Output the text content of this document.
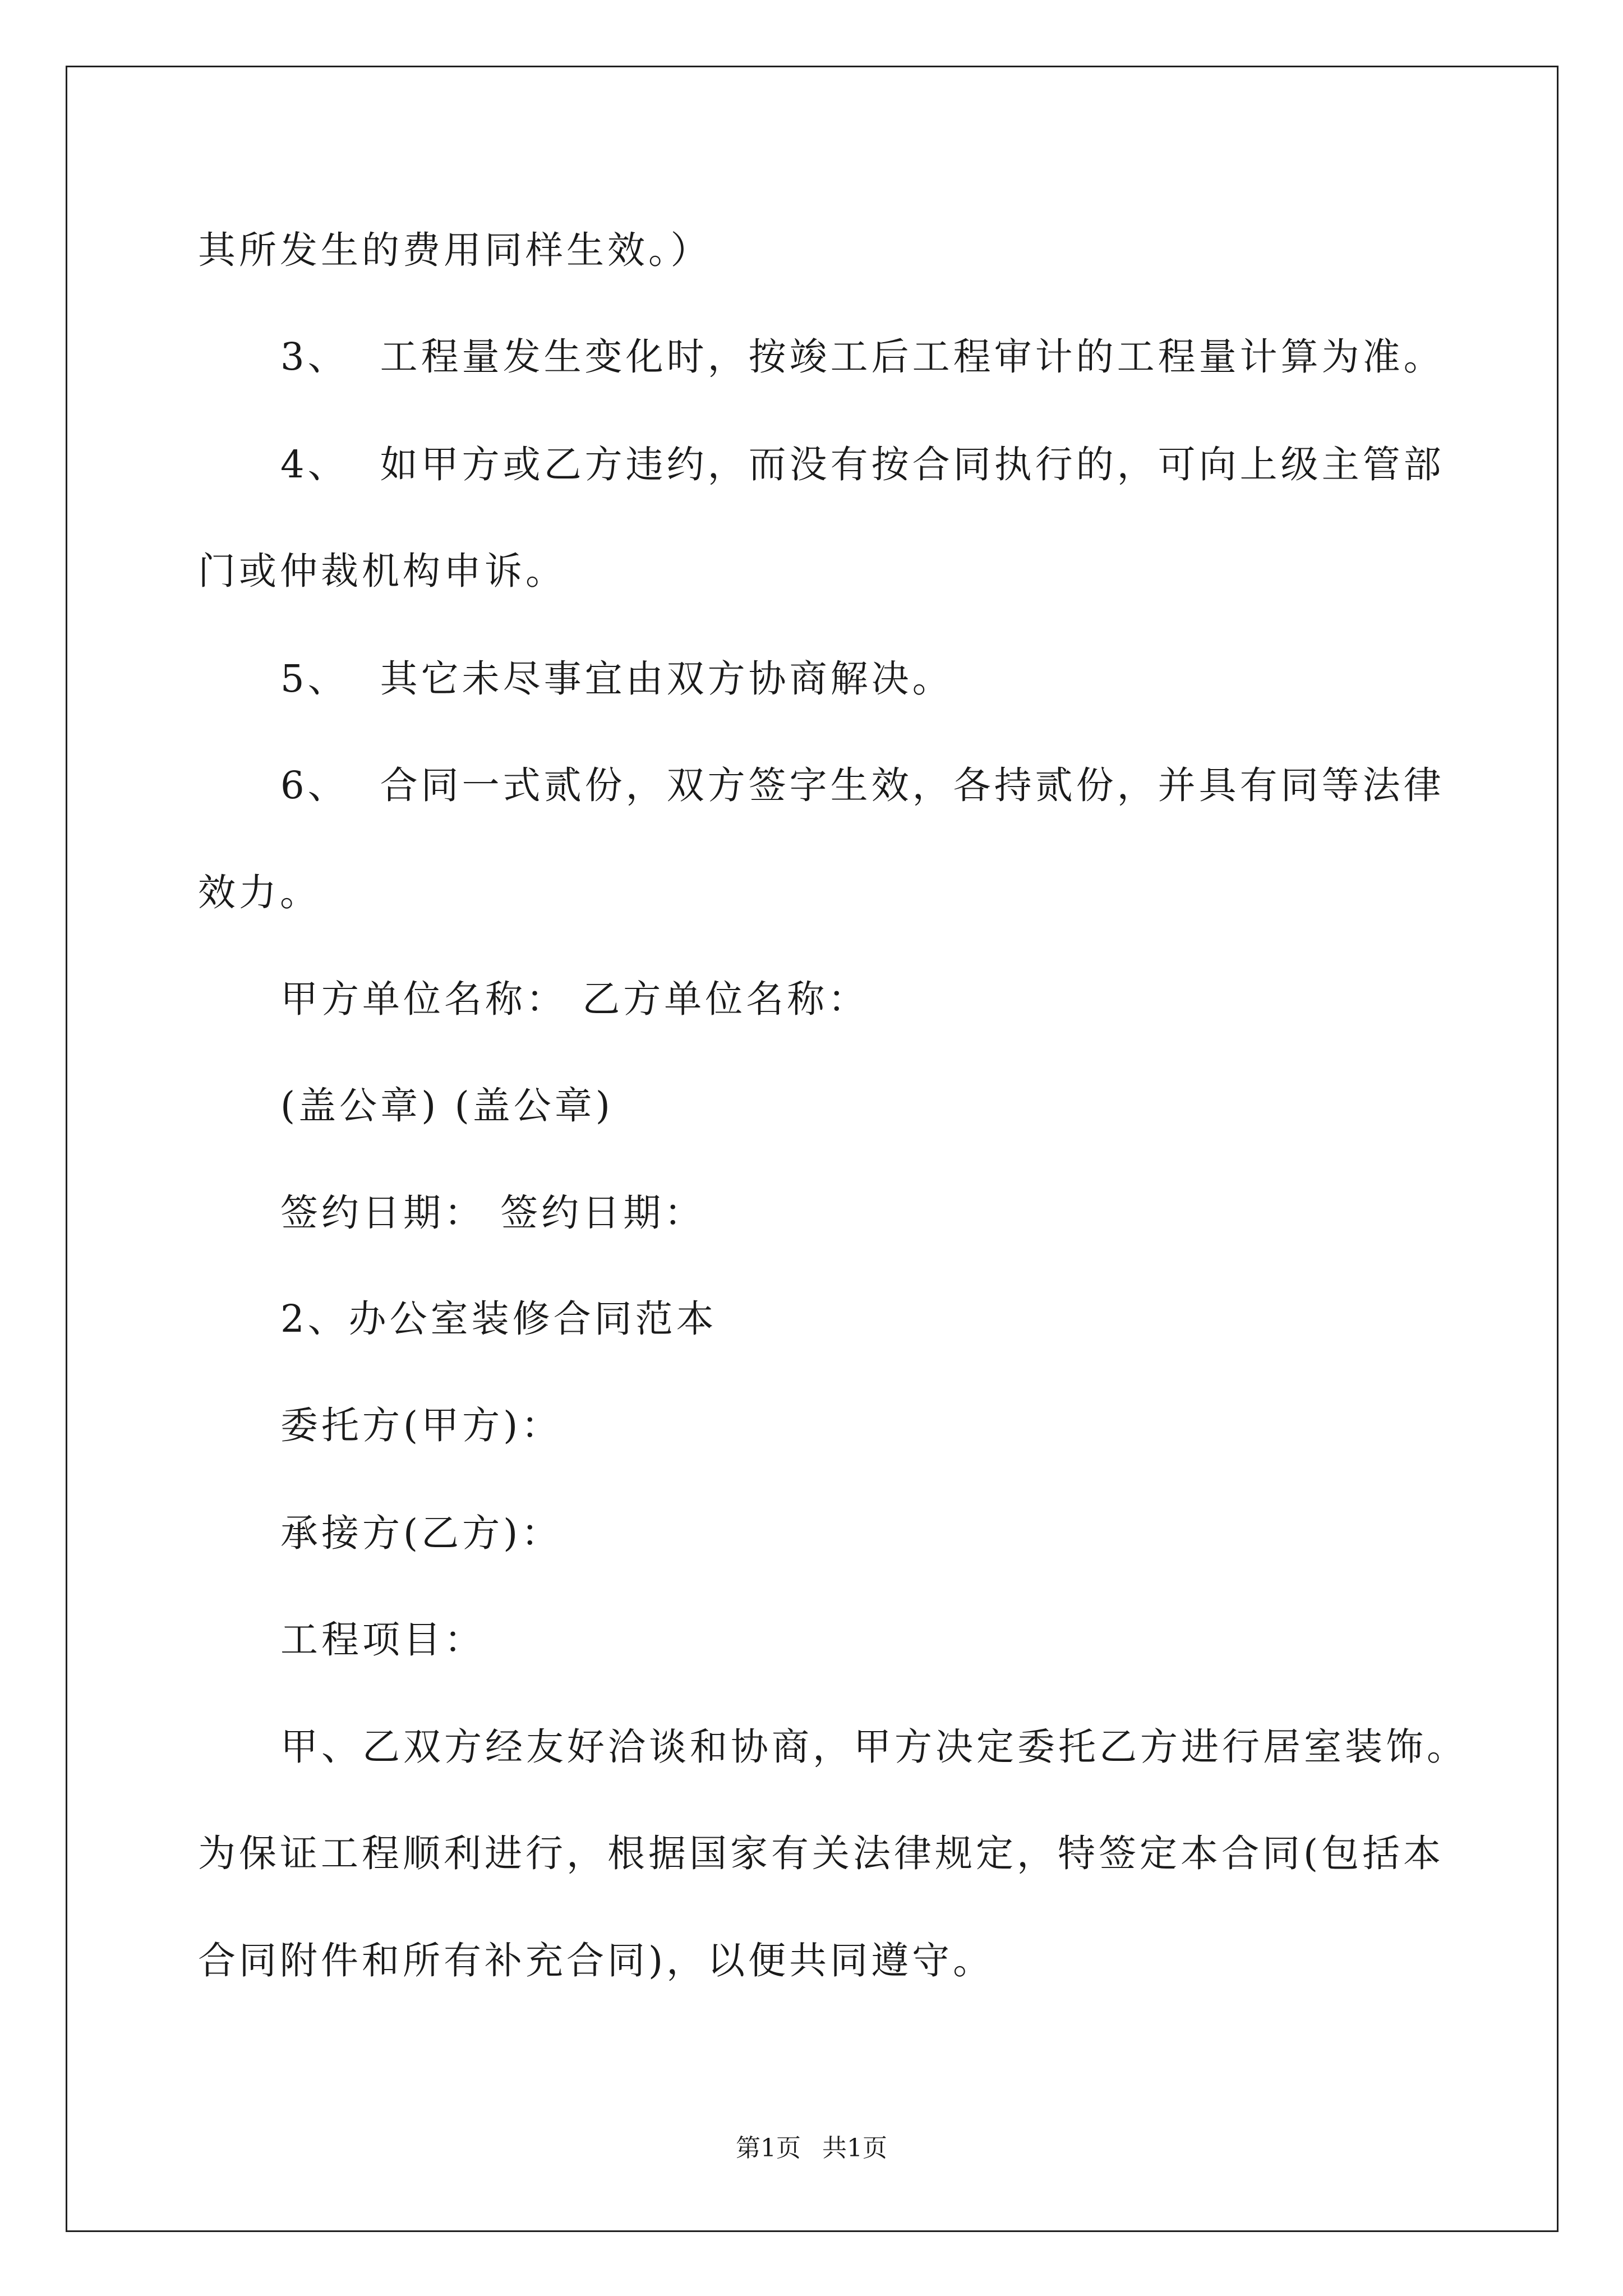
其所发生的费用同样生效。）
3、 工程量发生变化时，按竣工后工程审计的工程量计算为准。
4、 如甲方或乙方违约，而没有按合同执行的，可向上级主管部
门或仲裁机构申诉。
5、 其它未尽事宜由双方协商解决。
6、 合同一式贰份，双方签字生效，各持贰份，并具有同等法律
效力。
甲方单位名称： 乙方单位名称：
(盖公章) (盖公章)
签约日期： 签约日期：
2、办公室装修合同范本
委托方(甲方)：
承接方(乙方)：
工程项目：
甲、乙双方经友好洽谈和协商，甲方决定委托乙方进行居室装饰。
为保证工程顺利进行，根据国家有关法律规定，特签定本合同(包括本
合同附件和所有补充合同)，以便共同遵守。
第1页 共1页
